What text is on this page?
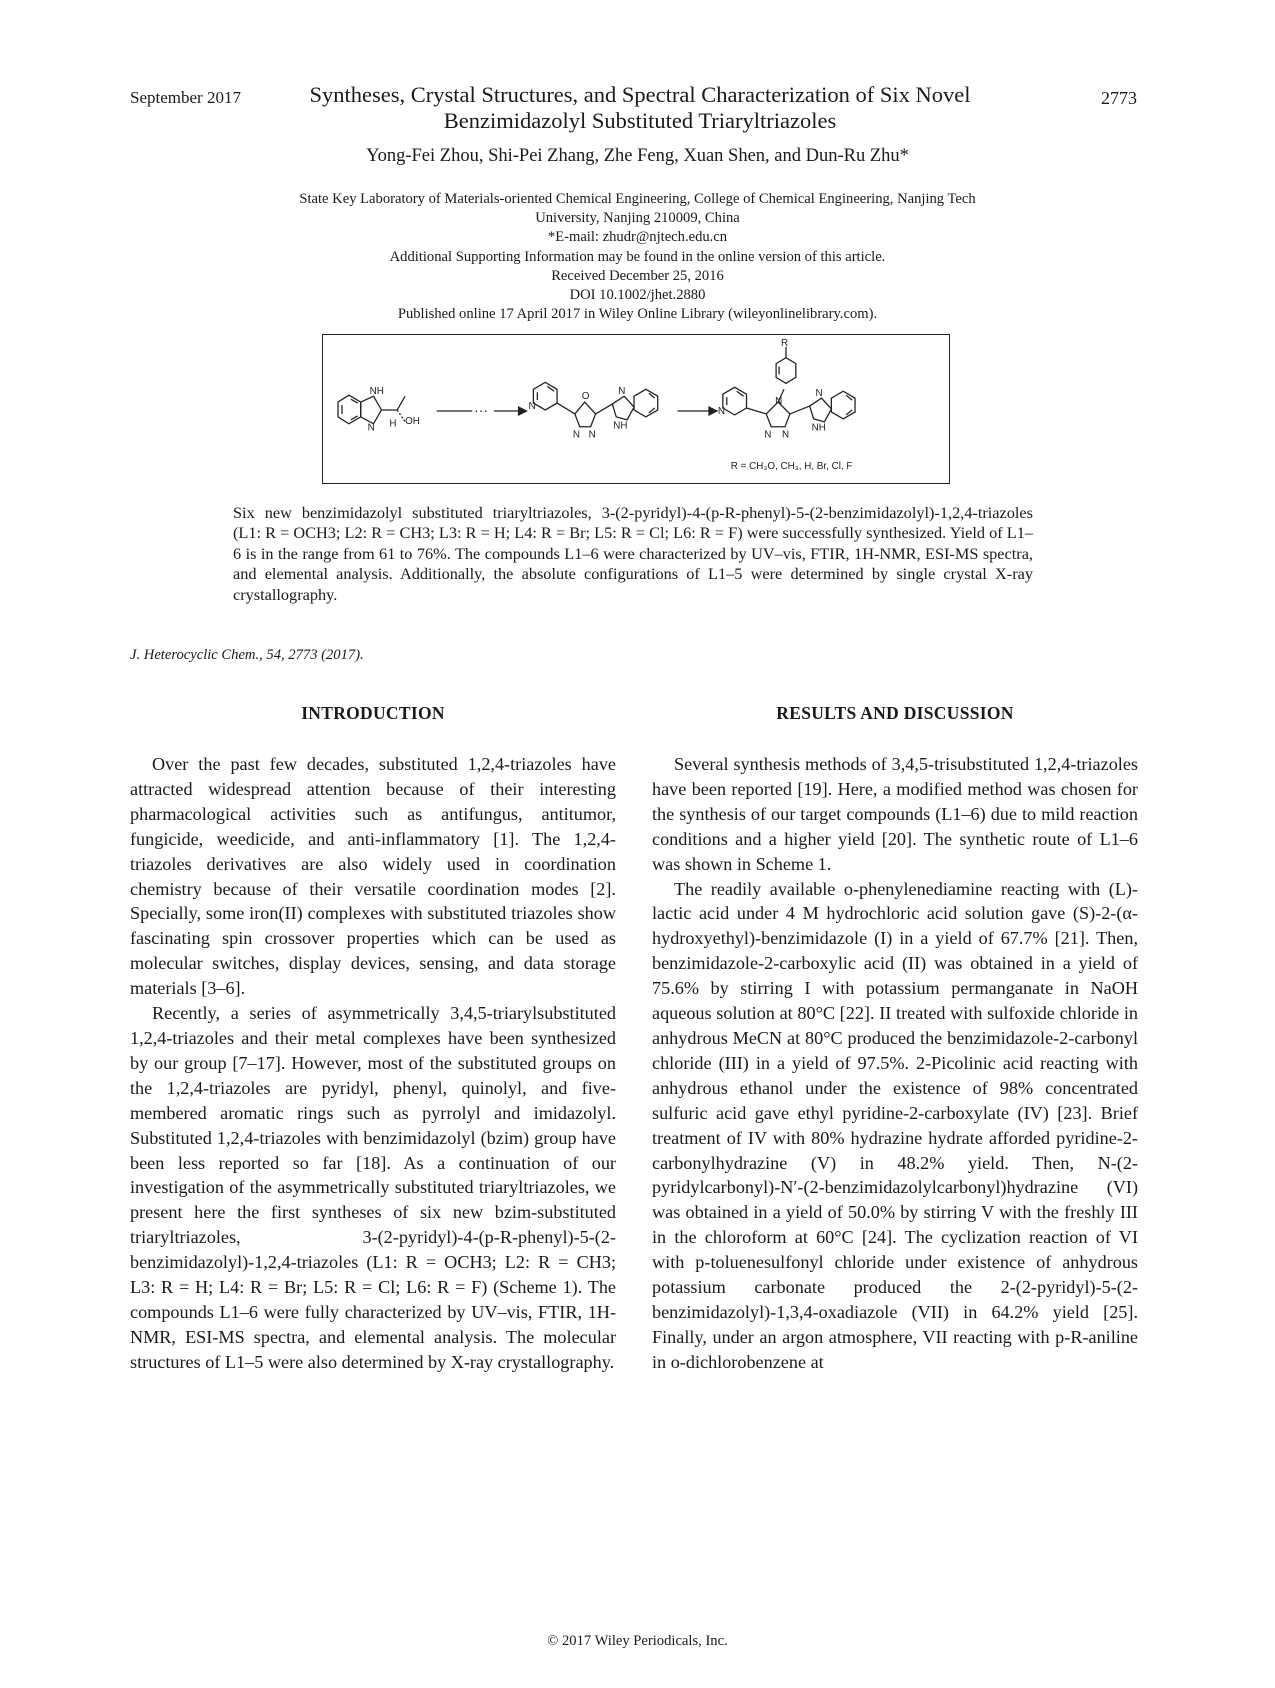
September 2017	Syntheses, Crystal Structures, and Spectral Characterization of Six Novel
Benzimidazolyl Substituted Triaryltriazoles
2773
Yong-Fei Zhou, Shi-Pei Zhang, Zhe Feng, Xuan Shen, and Dun-Ru Zhu*
State Key Laboratory of Materials-oriented Chemical Engineering, College of Chemical Engineering, Nanjing Tech
University, Nanjing 210009, China
*E-mail: zhudr@njtech.edu.cn
Additional Supporting Information may be found in the online version of this article.
Received December 25, 2016
DOI 10.1002/jhet.2880
Published online 17 April 2017 in Wiley Online Library (wileyonlinelibrary.com).
NH
N H OH
···	N
O
N N
N
NH
N
R
N
N N
N
NH
R = CH₃O, CH₃, H, Br, Cl, F

Six new benzimidazolyl substituted triaryltriazoles, 3-(2-pyridyl)-4-(p-R-phenyl)-5-(2-benzimidazolyl)-1,2,4-triazoles (L1: R = OCH3; L2: R = CH3; L3: R = H; L4: R = Br; L5: R = Cl; L6: R = F) were successfully synthesized. Yield of L1–6 is in the range from 61 to 76%. The compounds L1–6 were characterized by UV–vis, FTIR, 1H-NMR, ESI-MS spectra, and elemental analysis. Additionally, the absolute configurations of L1–5 were determined by single crystal X-ray crystallography.

J. Heterocyclic Chem., 54, 2773 (2017).
INTRODUCTION	RESULTS AND DISCUSSION

Over the past few decades, substituted 1,2,4-triazoles have attracted widespread attention because of their interesting pharmacological activities such as antifungus, antitumor, fungicide, weedicide, and anti-inflammatory [1]. The 1,2,4-triazoles derivatives are also widely used in coordination chemistry because of their versatile coordination modes [2]. Specially, some iron(II) complexes with substituted triazoles show fascinating spin crossover properties which can be used as molecular switches, display devices, sensing, and data storage materials [3–6].

Recently, a series of asymmetrically 3,4,5-triarylsubstituted 1,2,4-triazoles and their metal complexes have been synthesized by our group [7–17]. However, most of the substituted groups on the 1,2,4-triazoles are pyridyl, phenyl, quinolyl, and five-membered aromatic rings such as pyrrolyl and imidazolyl. Substituted 1,2,4-triazoles with benzimidazolyl (bzim) group have been less reported so far [18]. As a continuation of our investigation of the asymmetrically substituted triaryltriazoles, we present here the first syntheses of six new bzim-substituted triaryltriazoles, 3-(2-pyridyl)-4-(p-R-phenyl)-5-(2-benzimidazolyl)-1,2,4-triazoles (L1: R = OCH3; L2: R = CH3; L3: R = H; L4: R = Br; L5: R = Cl; L6: R = F) (Scheme 1). The compounds L1–6 were fully characterized by UV–vis, FTIR, 1H-NMR, ESI-MS spectra, and elemental analysis. The molecular structures of L1–5 were also determined by X-ray crystallography.

Several synthesis methods of 3,4,5-trisubstituted 1,2,4-triazoles have been reported [19]. Here, a modified method was chosen for the synthesis of our target compounds (L1–6) due to mild reaction conditions and a higher yield [20]. The synthetic route of L1–6 was shown in Scheme 1.

The readily available o-phenylenediamine reacting with (L)-lactic acid under 4 M hydrochloric acid solution gave (S)-2-(α-hydroxyethyl)-benzimidazole (I) in a yield of 67.7% [21]. Then, benzimidazole-2-carboxylic acid (II) was obtained in a yield of 75.6% by stirring I with potassium permanganate in NaOH aqueous solution at 80°C [22]. II treated with sulfoxide chloride in anhydrous MeCN at 80°C produced the benzimidazole-2-carbonyl chloride (III) in a yield of 97.5%. 2-Picolinic acid reacting with anhydrous ethanol under the existence of 98% concentrated sulfuric acid gave ethyl pyridine-2-carboxylate (IV) [23]. Brief treatment of IV with 80% hydrazine hydrate afforded pyridine-2-carbonylhydrazine (V) in 48.2% yield. Then, N-(2-pyridylcarbonyl)-N′-(2-benzimidazolylcarbonyl)hydrazine (VI) was obtained in a yield of 50.0% by stirring V with the freshly III in the chloroform at 60°C [24]. The cyclization reaction of VI with p-toluenesulfonyl chloride under existence of anhydrous potassium carbonate produced the 2-(2-pyridyl)-5-(2-benzimidazolyl)-1,3,4-oxadiazole (VII) in 64.2% yield [25]. Finally, under an argon atmosphere, VII reacting with p-R-aniline in o-dichlorobenzene at

© 2017 Wiley Periodicals, Inc.
